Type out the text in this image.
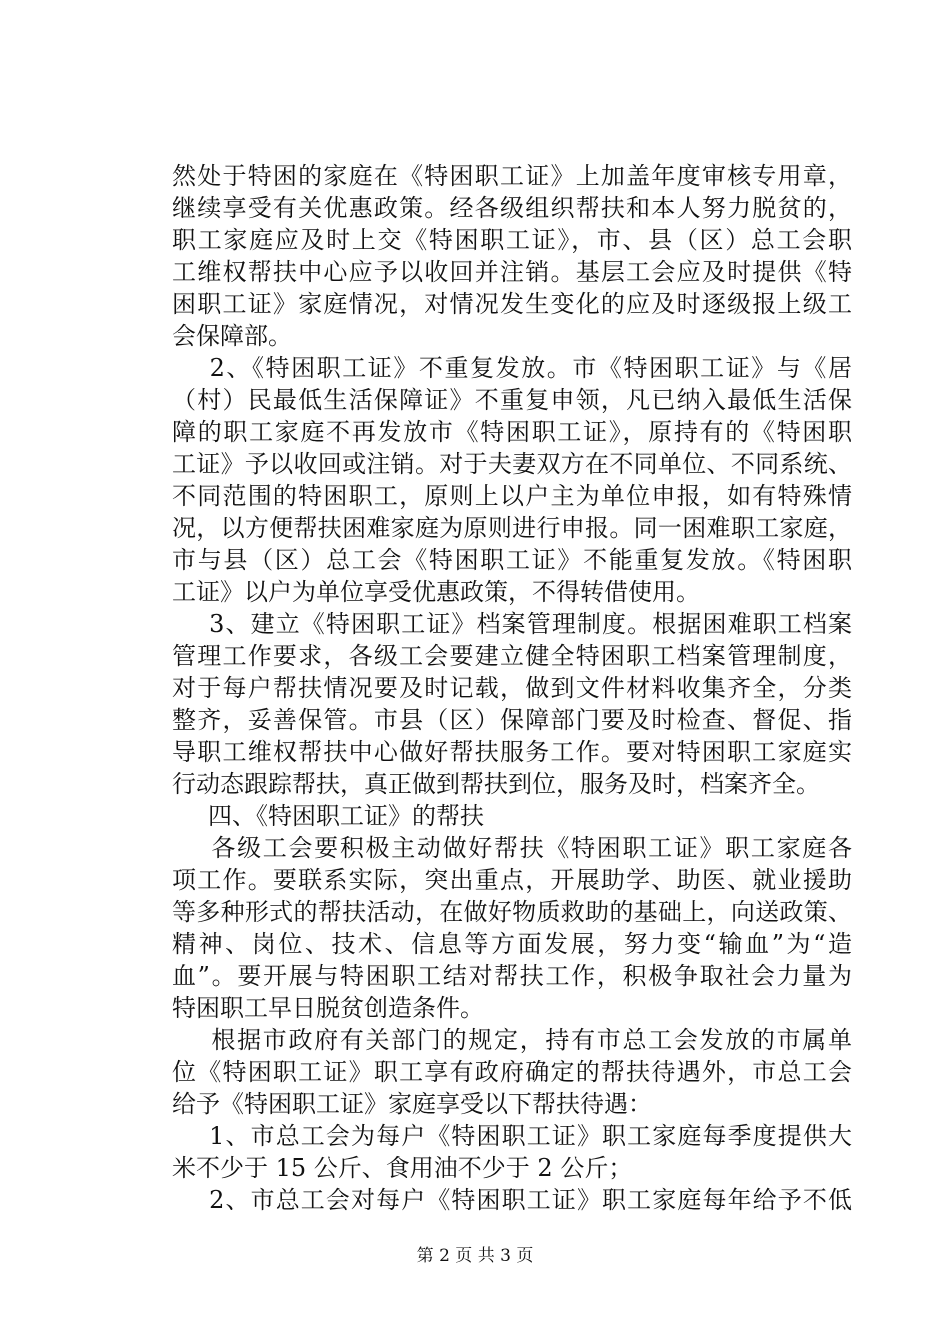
然处于特困的家庭在《特困职工证》上加盖年度审核专用章，
继续享受有关优惠政策。经各级组织帮扶和本人努力脱贫的，
职工家庭应及时上交《特困职工证》，市、县（区）总工会职
工维权帮扶中心应予以收回并注销。基层工会应及时提供《特
困职工证》家庭情况，对情况发生变化的应及时逐级报上级工
会保障部。
　 2、《特困职工证》不重复发放。市《特困职工证》与《居
（村）民最低生活保障证》不重复申领，凡已纳入最低生活保
障的职工家庭不再发放市《特困职工证》，原持有的《特困职
工证》予以收回或注销。对于夫妻双方在不同单位、不同系统、
不同范围的特困职工，原则上以户主为单位申报，如有特殊情
况，以方便帮扶困难家庭为原则进行申报。同一困难职工家庭，
市与县（区）总工会《特困职工证》不能重复发放。《特困职
工证》以户为单位享受优惠政策，不得转借使用。
　 3、建立《特困职工证》档案管理制度。根据困难职工档案
管理工作要求，各级工会要建立健全特困职工档案管理制度，
对于每户帮扶情况要及时记载，做到文件材料收集齐全，分类
整齐，妥善保管。市县（区）保障部门要及时检查、督促、指
导职工维权帮扶中心做好帮扶服务工作。要对特困职工家庭实
行动态跟踪帮扶，真正做到帮扶到位，服务及时，档案齐全。
　 四、《特困职工证》的帮扶
　 各级工会要积极主动做好帮扶《特困职工证》职工家庭各
项工作。要联系实际，突出重点，开展助学、助医、就业援助
等多种形式的帮扶活动，在做好物质救助的基础上，向送政策、
精神、岗位、技术、信息等方面发展，努力变“输血”为“造
血”。要开展与特困职工结对帮扶工作，积极争取社会力量为
特困职工早日脱贫创造条件。
　 根据市政府有关部门的规定，持有市总工会发放的市属单
位《特困职工证》职工享有政府确定的帮扶待遇外，市总工会
给予《特困职工证》家庭享受以下帮扶待遇：
　 1、市总工会为每户《特困职工证》职工家庭每季度提供大
米不少于 15 公斤、食用油不少于 2 公斤；
　 2、市总工会对每户《特困职工证》职工家庭每年给予不低
第 2 页 共 3 页
